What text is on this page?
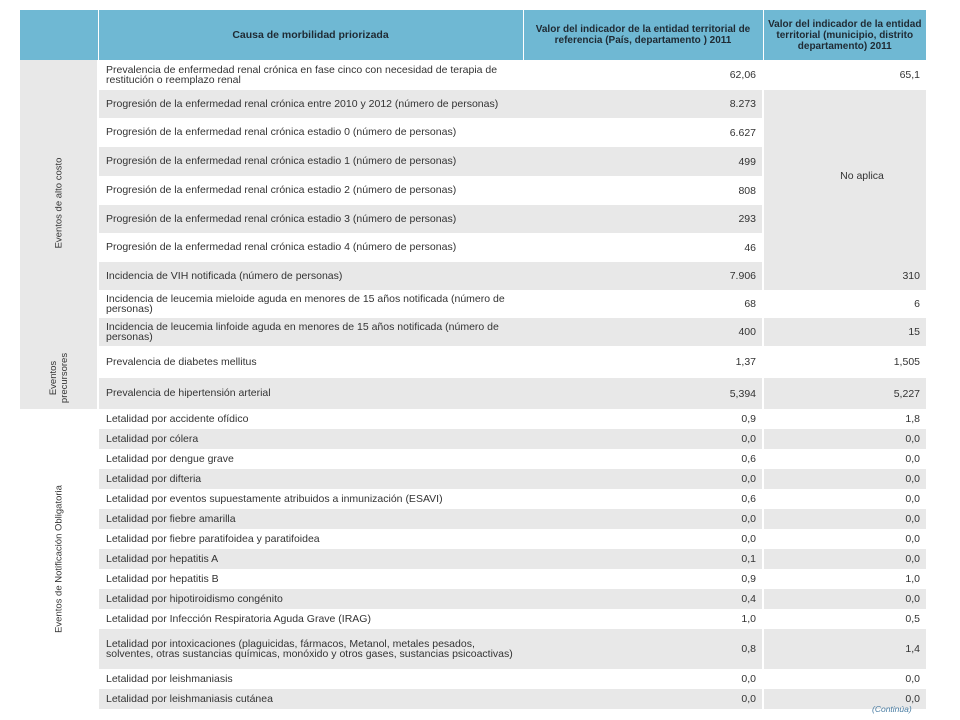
	Causa de morbilidad priorizada	Valor del indicador de la entidad territorial de referencia (País, departamento ) 2011	Valor del indicador de la entidad territorial (municipio, distrito departamento) 2011

Eventos de alto costo	Prevalencia de enfermedad renal crónica en fase cinco con necesidad de terapia de restitución o reemplazo renal	62,06	65,1
	Progresión de la enfermedad renal crónica entre 2010 y 2012 (número de personas)	8.273	No aplica
	Progresión de la enfermedad renal crónica estadio 0 (número de personas)	6.627	
	Progresión de la enfermedad renal crónica estadio 1 (número de personas)	499	
	Progresión de la enfermedad renal crónica estadio 2 (número de personas)	808	
	Progresión de la enfermedad renal crónica estadio 3 (número de personas)	293	
	Progresión de la enfermedad renal crónica estadio 4 (número de personas)	46	
	Incidencia de VIH notificada (número de personas)	7.906	310
	Incidencia de leucemia mieloide aguda en menores de 15 años notificada (número de personas)	68	6
	Incidencia de leucemia linfoide aguda en menores de 15 años notificada (número de personas)	400	15

Eventos
precursores	Prevalencia de diabetes mellitus	1,37	1,505
	Prevalencia de hipertensión arterial	5,394	5,227

Eventos de Notificación Obligatoria	Letalidad por accidente ofídico	0,9	1,8
	Letalidad por cólera	0,0	0,0
	Letalidad por dengue grave	0,6	0,0
	Letalidad por difteria	0,0	0,0
	Letalidad por eventos supuestamente atribuidos a inmunización (ESAVI)	0,6	0,0
	Letalidad por fiebre amarilla	0,0	0,0
	Letalidad por fiebre paratifoidea y paratifoidea	0,0	0,0
	Letalidad por hepatitis A	0,1	0,0
	Letalidad por hepatitis B	0,9	1,0
	Letalidad por hipotiroidismo congénito	0,4	0,0
	Letalidad por Infección Respiratoria Aguda Grave (IRAG)	1,0	0,5
	Letalidad por intoxicaciones (plaguicidas, fármacos, Metanol, metales pesados, solventes, otras sustancias químicas, monóxido y otros gases, sustancias psicoactivas)	0,8	1,4
	Letalidad por leishmaniasis	0,0	0,0
	Letalidad por leishmaniasis cutánea	0,0	0,0
(Continúa)
